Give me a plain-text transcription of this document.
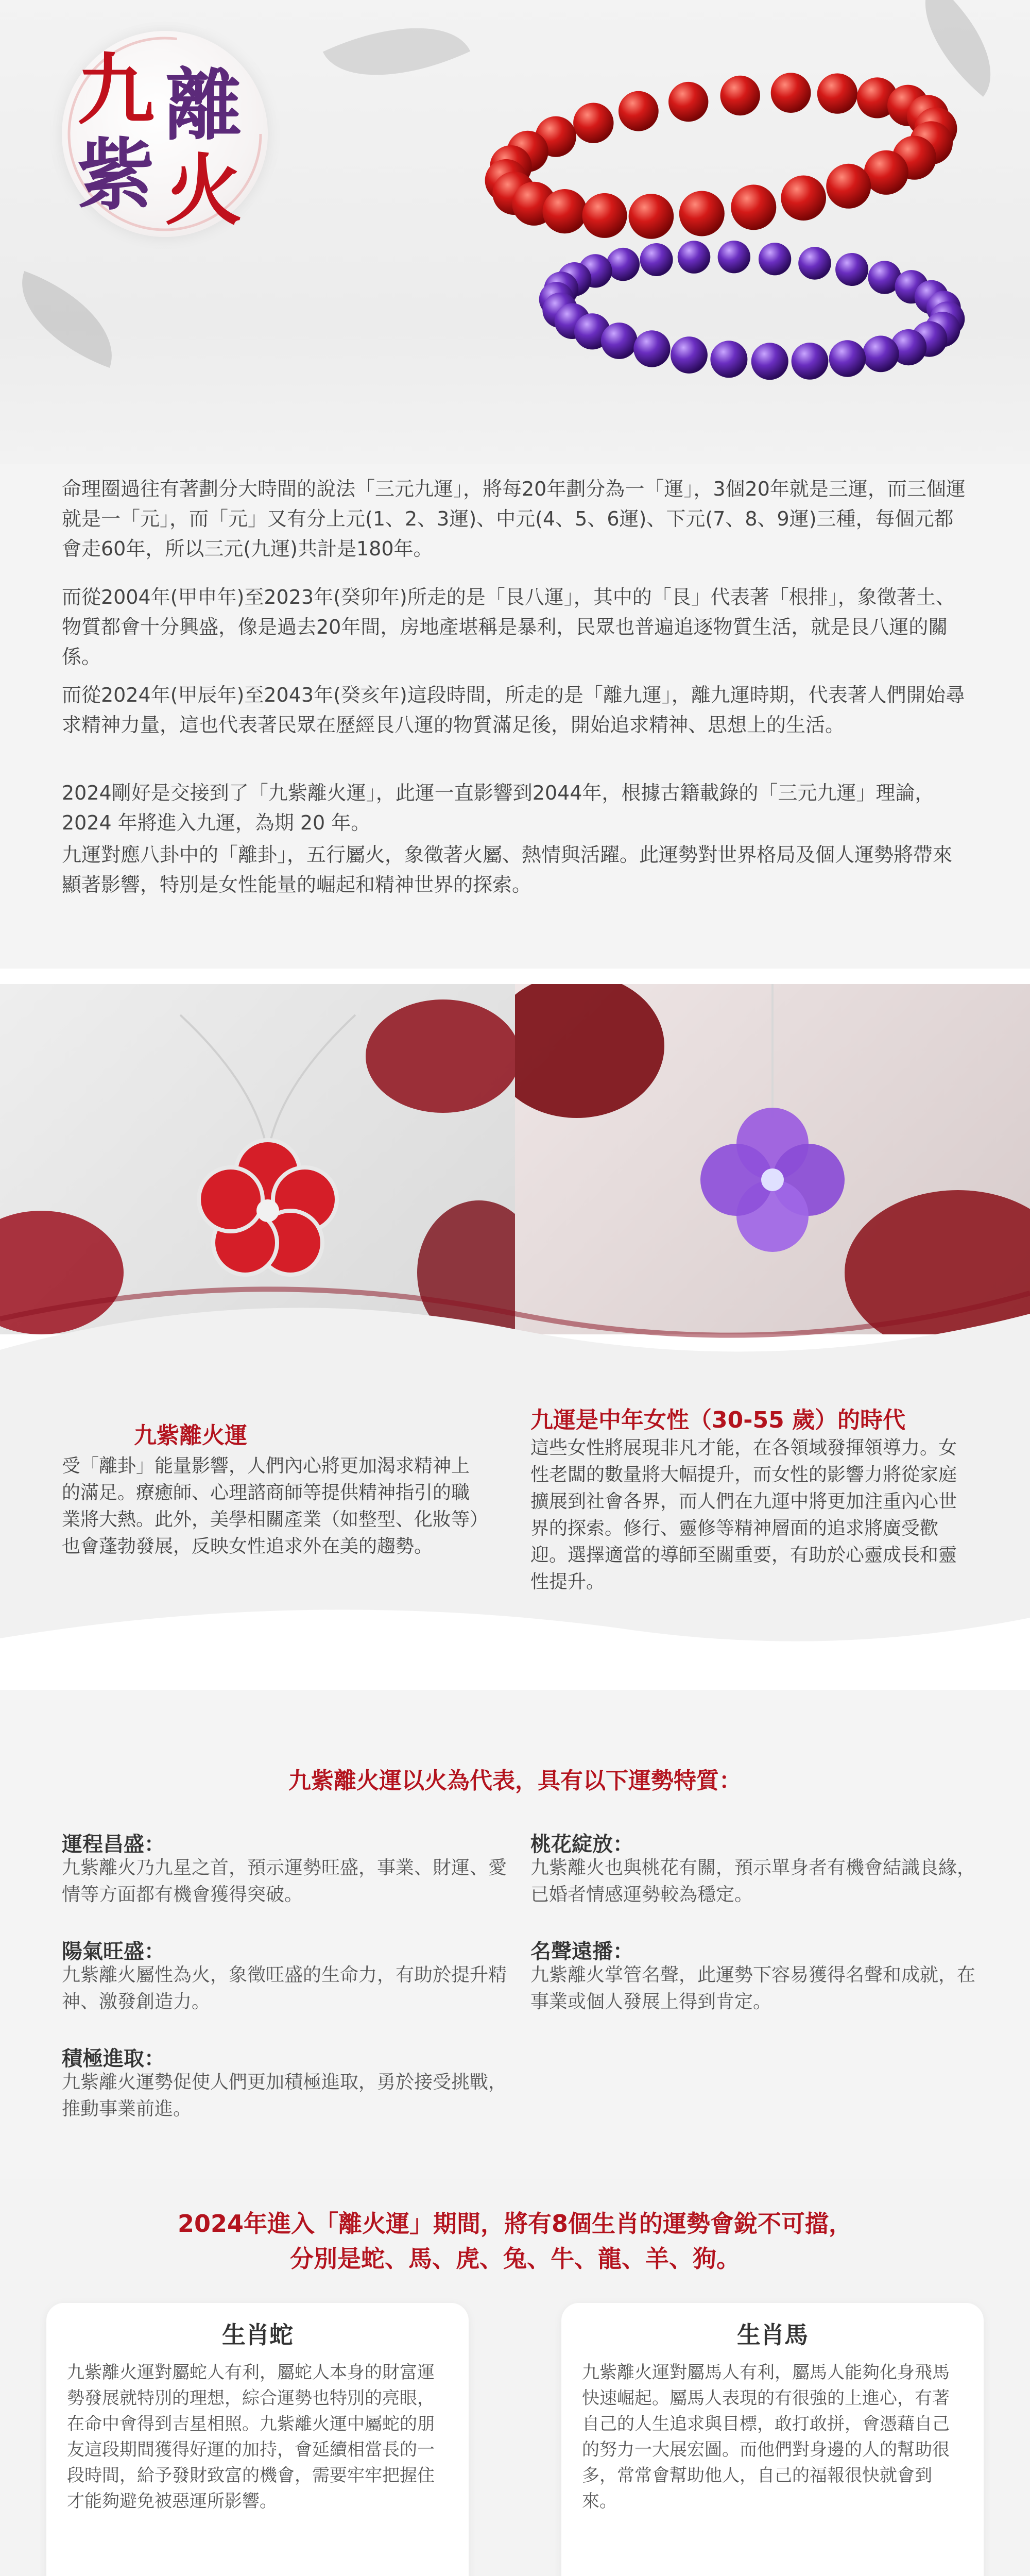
九
紫
離
火

命理圈過往有著劃分大時間的說法「三元九運」，將每20年劃分為一「運」，3個20年就是三運，而三個運就是一「元」，而「元」又有分上元(1、2、3運)、中元(4、5、6運)、下元(7、8、9運)三種，每個元都會走60年，所以三元(九運)共計是180年。

而從2004年(甲申年)至2023年(癸卯年)所走的是「艮八運」，其中的「艮」代表著「根排」，象徵著土、物質都會十分興盛，像是過去20年間，房地產堪稱是暴利，民眾也普遍追逐物質生活，就是艮八運的關係。

而從2024年(甲辰年)至2043年(癸亥年)這段時間，所走的是「離九運」，離九運時期，代表著人們開始尋求精神力量，這也代表著民眾在歷經艮八運的物質滿足後，開始追求精神、思想上的生活。

2024剛好是交接到了「九紫離火運」，此運一直影響到2044年，根據古籍載錄的「三元九運」理論，2024 年將進入九運，為期 20 年。

九運對應八卦中的「離卦」，五行屬火，象徵著火屬、熱情與活躍。此運勢對世界格局及個人運勢將帶來顯著影響，特別是女性能量的崛起和精神世界的探索。

九紫離火運

受「離卦」能量影響，人們內心將更加渴求精神上的滿足。療癒師、心理諮商師等提供精神指引的職業將大熱。此外，美學相關產業（如整型、化妝等）也會蓬勃發展，反映女性追求外在美的趨勢。

九運是中年女性（30-55 歲）的時代

這些女性將展現非凡才能，在各領域發揮領導力。女性老闆的數量將大幅提升，而女性的影響力將從家庭擴展到社會各界，而人們在九運中將更加注重內心世界的探索。修行、靈修等精神層面的追求將廣受歡迎。選擇適當的導師至關重要，有助於心靈成長和靈性提升。

九紫離火運以火為代表，具有以下運勢特質：
運程昌盛：

九紫離火乃九星之首，預示運勢旺盛，事業、財運、愛情等方面都有機會獲得突破。

桃花綻放：

九紫離火也與桃花有關，預示單身者有機會結識良緣，已婚者情感運勢較為穩定。

陽氣旺盛：

九紫離火屬性為火，象徵旺盛的生命力，有助於提升精神、激發創造力。

名聲遠播：

九紫離火掌管名聲，此運勢下容易獲得名聲和成就，在事業或個人發展上得到肯定。

積極進取：

九紫離火運勢促使人們更加積極進取，勇於接受挑戰，推動事業前進。

2024年進入「離火運」期間，將有8個生肖的運勢會銳不可擋，
分別是蛇、馬、虎、兔、牛、龍、羊、狗。
生肖蛇

九紫離火運對屬蛇人有利，屬蛇人本身的財富運勢發展就特別的理想，綜合運勢也特別的亮眼，在命中會得到吉星相照。九紫離火運中屬蛇的朋友這段期間獲得好運的加持，會延續相當長的一段時間，給予發財致富的機會，需要牢牢把握住才能夠避免被惡運所影響。

生肖馬

九紫離火運對屬馬人有利，屬馬人能夠化身飛馬快速崛起。屬馬人表現的有很強的上進心，有著自己的人生追求與目標，敢打敢拼，會憑藉自己的努力一大展宏圖。而他們對身邊的人的幫助很多，常常會幫助他人，自己的福報很快就會到來。
